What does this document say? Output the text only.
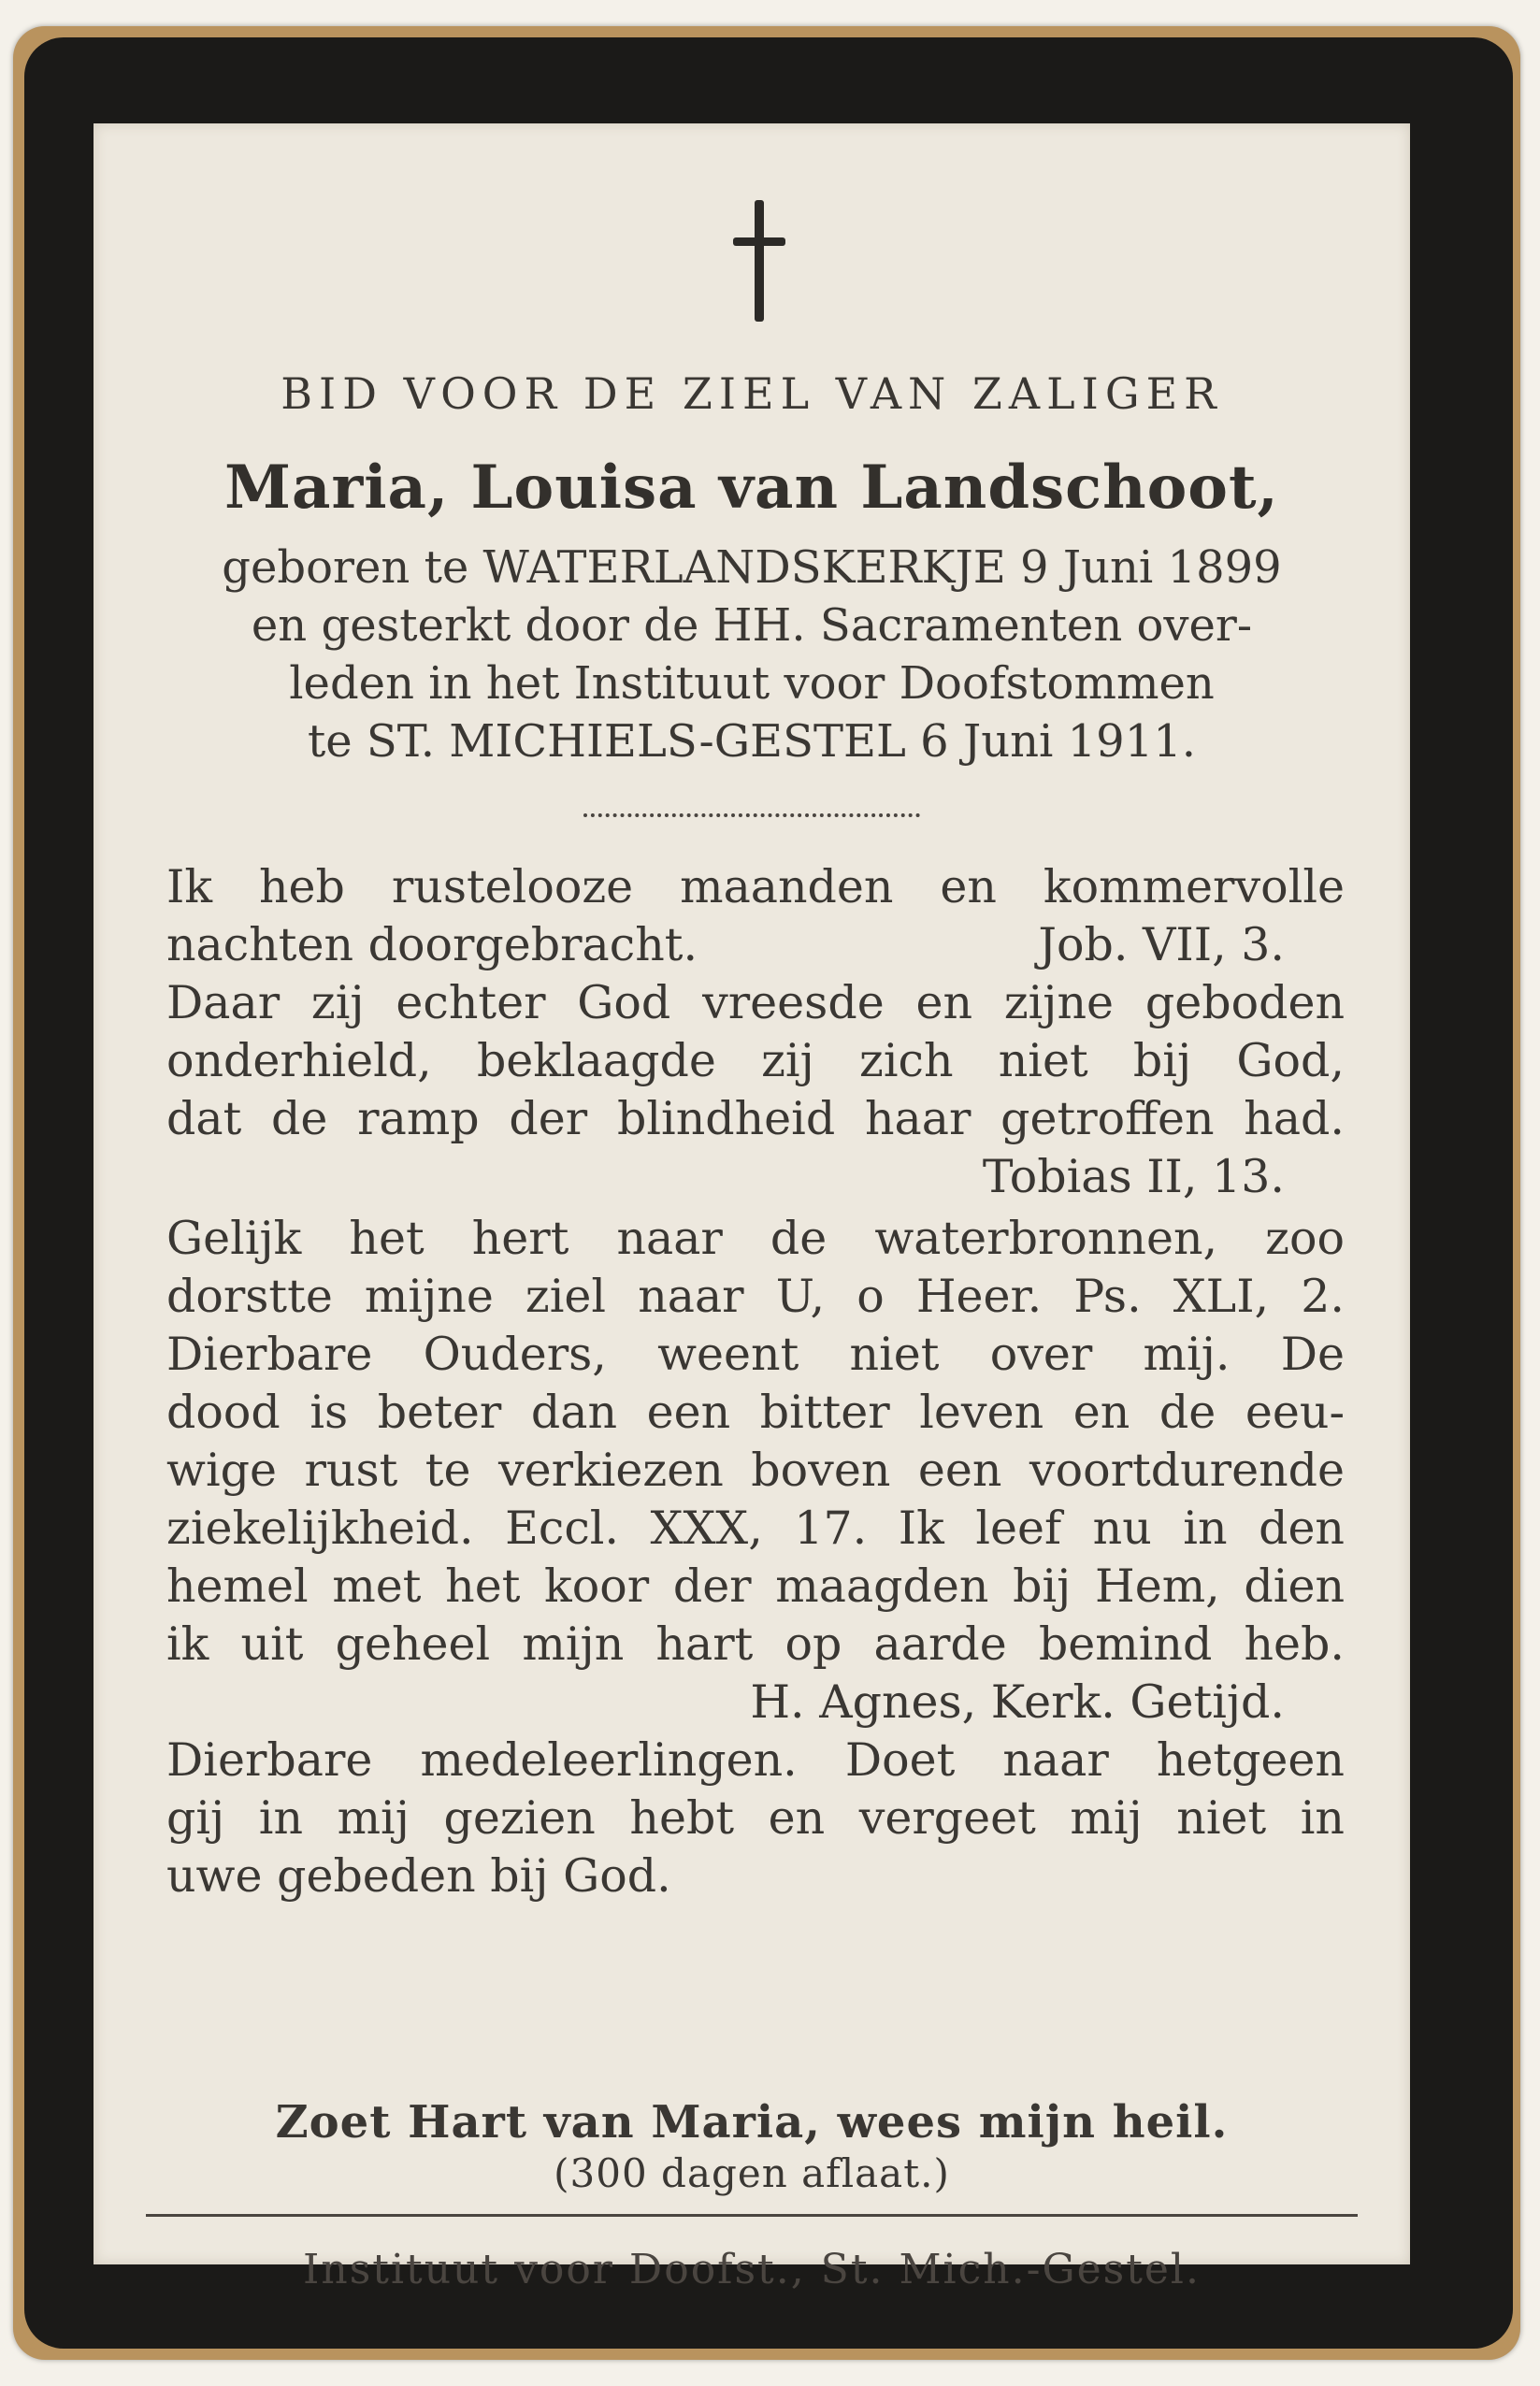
BID VOOR DE ZIEL VAN ZALIGER
Maria, Louisa van Landschoot,
geboren te WATERLANDSKERKJE 9 Juni 1899
en gesterkt door de HH. Sacramenten over-
leden in het Instituut voor Doofstommen
te ST. MICHIELS-GESTEL 6 Juni 1911.
Ik heb rustelooze maanden en kommervolle
nachten doorgebracht.	Job. VII, 3.
Daar zij echter God vreesde en zijne geboden
onderhield, beklaagde zij zich niet bij God,
dat de ramp der blindheid haar getroffen had.
Tobias II, 13.
Gelijk het hert naar de waterbronnen, zoo
dorstte mijne ziel naar U, o Heer. Ps. XLI, 2.
Dierbare Ouders, weent niet over mij. De
dood is beter dan een bitter leven en de eeu-
wige rust te verkiezen boven een voortdurende
ziekelijkheid. Eccl. XXX, 17. Ik leef nu in den
hemel met het koor der maagden bij Hem, dien
ik uit geheel mijn hart op aarde bemind heb.
H. Agnes, Kerk. Getijd.
Dierbare medeleerlingen. Doet naar hetgeen
gij in mij gezien hebt en vergeet mij niet in
uwe gebeden bij God.
Zoet Hart van Maria, wees mijn heil.
(300 dagen aflaat.)
Instituut voor Doofst., St. Mich.-Gestel.
